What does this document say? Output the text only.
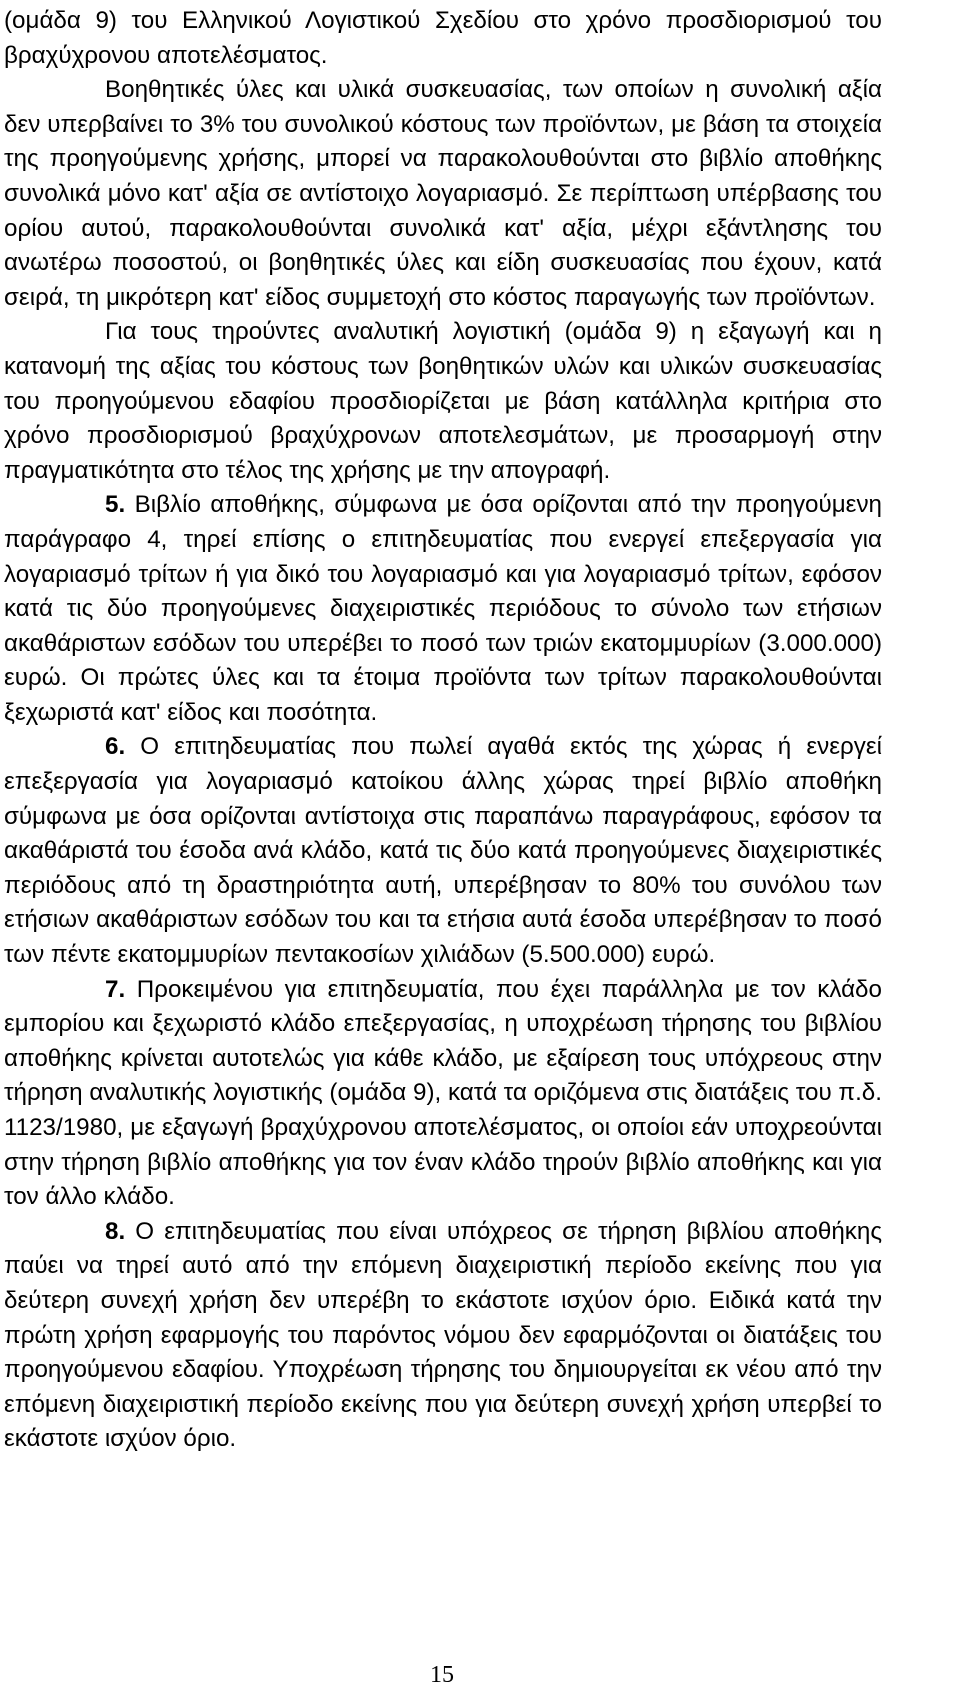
(ομάδα 9) του Ελληνικού Λογιστικού Σχεδίου στο χρόνο προσδιορισμού του βραχύχρονου αποτελέσματος.

Βοηθητικές ύλες και υλικά συσκευασίας, των οποίων η συνολική αξία δεν υπερβαίνει το 3% του συνολικού κόστους των προϊόντων, με βάση τα στοιχεία της προηγούμενης χρήσης, μπορεί να παρακολουθούνται στο βιβλίο αποθήκης συνολικά μόνο κατ' αξία σε αντίστοιχο λογαριασμό. Σε περίπτωση υπέρβασης του ορίου αυτού, παρακολουθούνται συνολικά κατ' αξία, μέχρι εξάντλησης του ανωτέρω ποσοστού, οι βοηθητικές ύλες και είδη συσκευασίας που έχουν, κατά σειρά, τη μικρότερη κατ' είδος συμμετοχή στο κόστος παραγωγής των προϊόντων.

Για τους τηρούντες αναλυτική λογιστική (ομάδα 9) η εξαγωγή και η κατανομή της αξίας του κόστους των βοηθητικών υλών και υλικών συσκευασίας του προηγούμενου εδαφίου προσδιορίζεται με βάση κατάλληλα κριτήρια στο χρόνο προσδιορισμού βραχύχρονων αποτελεσμάτων, με προσαρμογή στην πραγματικότητα στο τέλος της χρήσης με την απογραφή.

5. Βιβλίο αποθήκης, σύμφωνα με όσα ορίζονται από την προηγούμενη παράγραφο 4, τηρεί επίσης ο επιτηδευματίας που ενεργεί επεξεργασία για λογαριασμό τρίτων ή για δικό του λογαριασμό και για λογαριασμό τρίτων, εφόσον κατά τις δύο προηγούμενες διαχειριστικές περιόδους το σύνολο των ετήσιων ακαθάριστων εσόδων του υπερέβει το ποσό των τριών εκατομμυρίων (3.000.000) ευρώ. Οι πρώτες ύλες και τα έτοιμα προϊόντα των τρίτων παρακολουθούνται ξεχωριστά κατ' είδος και ποσότητα.

6. Ο επιτηδευματίας που πωλεί αγαθά εκτός της χώρας ή ενεργεί επεξεργασία για λογαριασμό κατοίκου άλλης χώρας τηρεί βιβλίο αποθήκη σύμφωνα με όσα ορίζονται αντίστοιχα στις παραπάνω παραγράφους, εφόσον τα ακαθάριστά του έσοδα ανά κλάδο, κατά τις δύο κατά προηγούμενες διαχειριστικές περιόδους από τη δραστηριότητα αυτή, υπερέβησαν το 80% του συνόλου των ετήσιων ακαθάριστων εσόδων του και τα ετήσια αυτά έσοδα υπερέβησαν το ποσό των πέντε εκατομμυρίων πεντακοσίων χιλιάδων (5.500.000) ευρώ.

7. Προκειμένου για επιτηδευματία, που έχει παράλληλα με τον κλάδο εμπορίου και ξεχωριστό κλάδο επεξεργασίας, η υποχρέωση τήρησης του βιβλίου αποθήκης κρίνεται αυτοτελώς για κάθε κλάδο, με εξαίρεση τους υπόχρεους στην τήρηση αναλυτικής λογιστικής (ομάδα 9), κατά τα οριζόμενα στις διατάξεις του π.δ. 1123/1980, με εξαγωγή βραχύχρονου αποτελέσματος, οι οποίοι εάν υποχρεούνται στην τήρηση βιβλίο αποθήκης για τον έναν κλάδο τηρούν βιβλίο αποθήκης και για τον άλλο κλάδο.

8. Ο επιτηδευματίας που είναι υπόχρεος σε τήρηση βιβλίου αποθήκης παύει να τηρεί αυτό από την επόμενη διαχειριστική περίοδο εκείνης που για δεύτερη συνεχή χρήση δεν υπερέβη το εκάστοτε ισχύον όριο. Ειδικά κατά την πρώτη χρήση εφαρμογής του παρόντος νόμου δεν εφαρμόζονται οι διατάξεις του προηγούμενου εδαφίου. Υποχρέωση τήρησης του δημιουργείται εκ νέου από την επόμενη διαχειριστική περίοδο εκείνης που για δεύτερη συνεχή χρήση υπερβεί το εκάστοτε ισχύον όριο.

15
